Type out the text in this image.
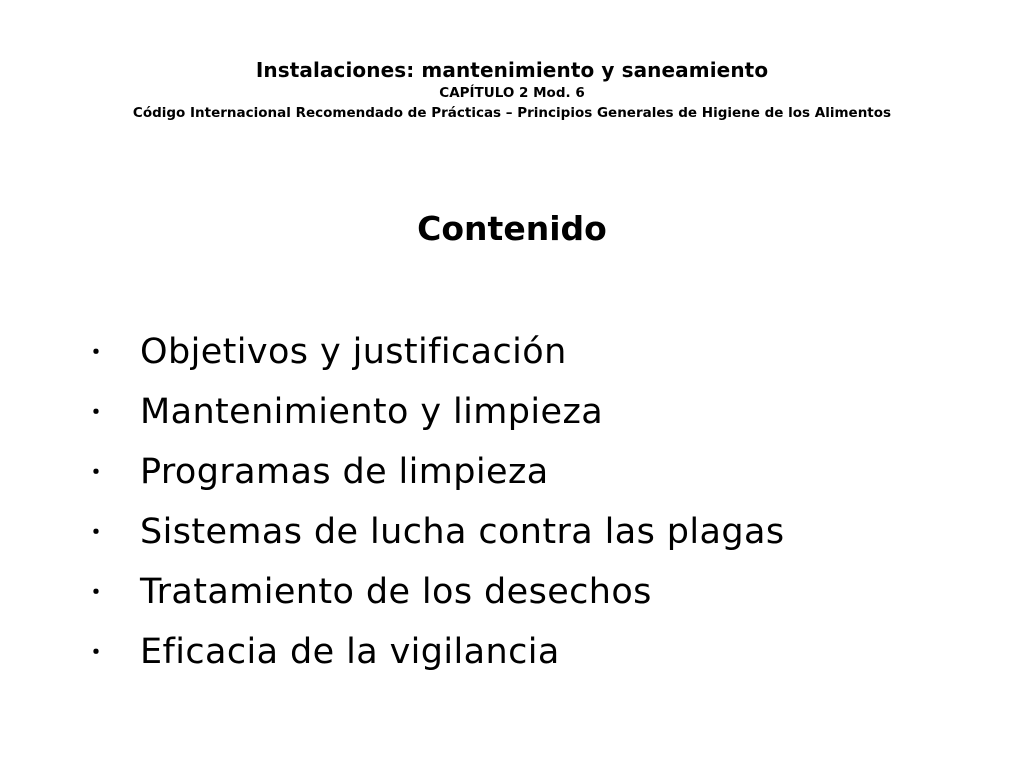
Instalaciones: mantenimiento y saneamiento
CAPÍTULO 2 Mod. 6
Código Internacional Recomendado de Prácticas – Principios Generales de Higiene de los Alimentos
Contenido
・ Objetivos y justificación
・ Mantenimiento y limpieza
・ Programas de limpieza
・ Sistemas de lucha contra las plagas
・ Tratamiento de los desechos
・ Eficacia de la vigilancia
